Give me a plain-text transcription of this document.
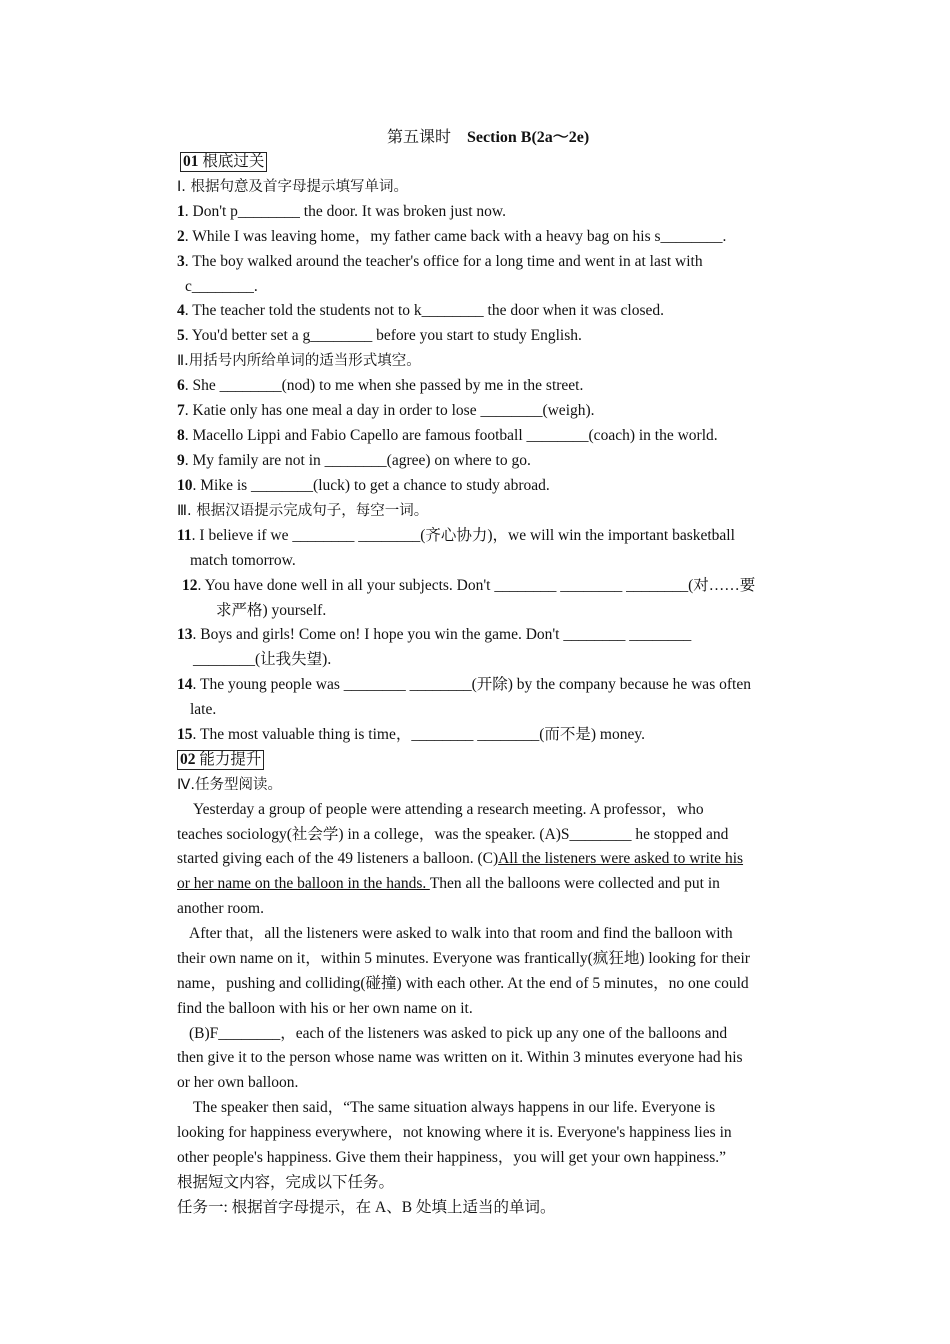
第五课时 Section B(2a～2e)
01 根底过关
Ⅰ. 根据句意及首字母提示填写单词。
1. Don't p________ the door. It was broken just now.
2. While I was leaving home，my father came back with a heavy bag on his s________.
3. The boy walked around the teacher's office for a long time and went in at last with
c________.
4. The teacher told the students not to k________ the door when it was closed.
5. You'd better set a g________ before you start to study English.
Ⅱ.用括号内所给单词的适当形式填空。
6. She ________(nod) to me when she passed by me in the street.
7. Katie only has one meal a day in order to lose ________(weigh).
8. Macello Lippi and Fabio Capello are famous football ________(coach) in the world.
9. My family are not in ________(agree) on where to go.
10. Mike is ________(luck) to get a chance to study abroad.
Ⅲ. 根据汉语提示完成句子，每空一词。
11. I believe if we ________ ________(齐心协力)，we will win the important basketball
match tomorrow.
12. You have done well in all your subjects. Don't ________ ________ ________(对……要
求严格) yourself.
13. Boys and girls! Come on! I hope you win the game. Don't ________ ________
________(让我失望).
14. The young people was ________ ________(开除) by the company because he was often
late.
15. The most valuable thing is time，________ ________(而不是) money.
02 能力提升
Ⅳ.任务型阅读。
Yesterday a group of people were attending a research meeting. A professor，who
teaches sociology(社会学) in a college，was the speaker. (A)S________ he stopped and
started giving each of the 49 listeners a balloon. (C)All the listeners were asked to write his
or her name on the balloon in the hands. Then all the balloons were collected and put in
another room.
After that，all the listeners were asked to walk into that room and find the balloon with
their own name on it，within 5 minutes. Everyone was frantically(疯狂地) looking for their
name，pushing and colliding(碰撞) with each other. At the end of 5 minutes，no one could
find the balloon with his or her own name on it.
(B)F________，each of the listeners was asked to pick up any one of the balloons and
then give it to the person whose name was written on it. Within 3 minutes everyone had his
or her own balloon.
The speaker then said，“The same situation always happens in our life. Everyone is
looking for happiness everywhere，not knowing where it is. Everyone's happiness lies in
other people's happiness. Give them their happiness，you will get your own happiness.”
根据短文内容，完成以下任务。
任务一: 根据首字母提示，在 A、B 处填上适当的单词。
